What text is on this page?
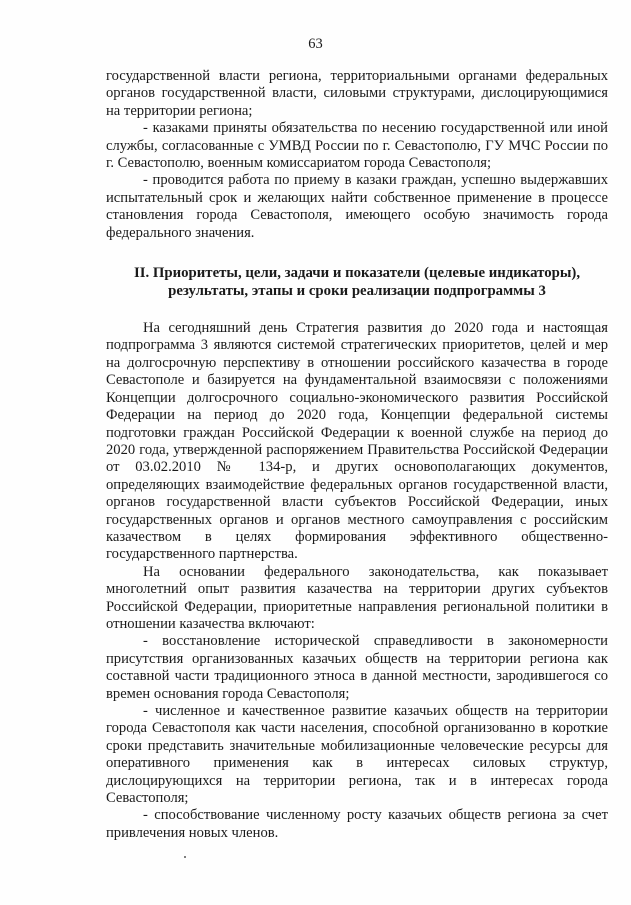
63

государственной власти региона, территориальными органами федеральных органов государственной власти, силовыми структурами, дислоцирующимися на территории региона;

- казаками приняты обязательства по несению государственной или иной службы, согласованные с УМВД России по г. Севастополю, ГУ МЧС России по г. Севастополю, военным комиссариатом города Севастополя;

- проводится работа по приему в казаки граждан, успешно выдержавших испытательный срок и желающих найти собственное применение в процессе становления города Севастополя, имеющего особую значимость города федерального значения.

II. Приоритеты, цели, задачи и показатели (целевые индикаторы),

результаты, этапы и сроки реализации подпрограммы 3

На сегодняшний день Стратегия развития до 2020 года и настоящая подпрограмма 3 являются системой стратегических приоритетов, целей и мер на долгосрочную перспективу в отношении российского казачества в городе Севастополе и базируется на фундаментальной взаимосвязи с положениями Концепции долгосрочного социально-экономического развития Российской Федерации на период до 2020 года, Концепции федеральной системы подготовки граждан Российской Федерации к военной службе на период до 2020 года, утвержденной распоряжением Правительства Российской Федерации от 03.02.2010 № 134-р, и других основополагающих документов, определяющих взаимодействие федеральных органов государственной власти, органов государственной власти субъектов Российской Федерации, иных государственных органов и органов местного самоуправления с российским казачеством в целях формирования эффективного общественно-государственного партнерства.

На основании федерального законодательства, как показывает многолетний опыт развития казачества на территории других субъектов Российской Федерации, приоритетные направления региональной политики в отношении казачества включают:

- восстановление исторической справедливости в закономерности присутствия организованных казачьих обществ на территории региона как составной части традиционного этноса в данной местности, зародившегося со времен основания города Севастополя;

- численное и качественное развитие казачьих обществ на территории города Севастополя как части населения, способной организованно в короткие сроки представить значительные мобилизационные человеческие ресурсы для оперативного применения как в интересах силовых структур, дислоцирующихся на территории региона, так и в интересах города Севастополя;

- способствование численному росту казачьих обществ региона за счет привлечения новых членов.
